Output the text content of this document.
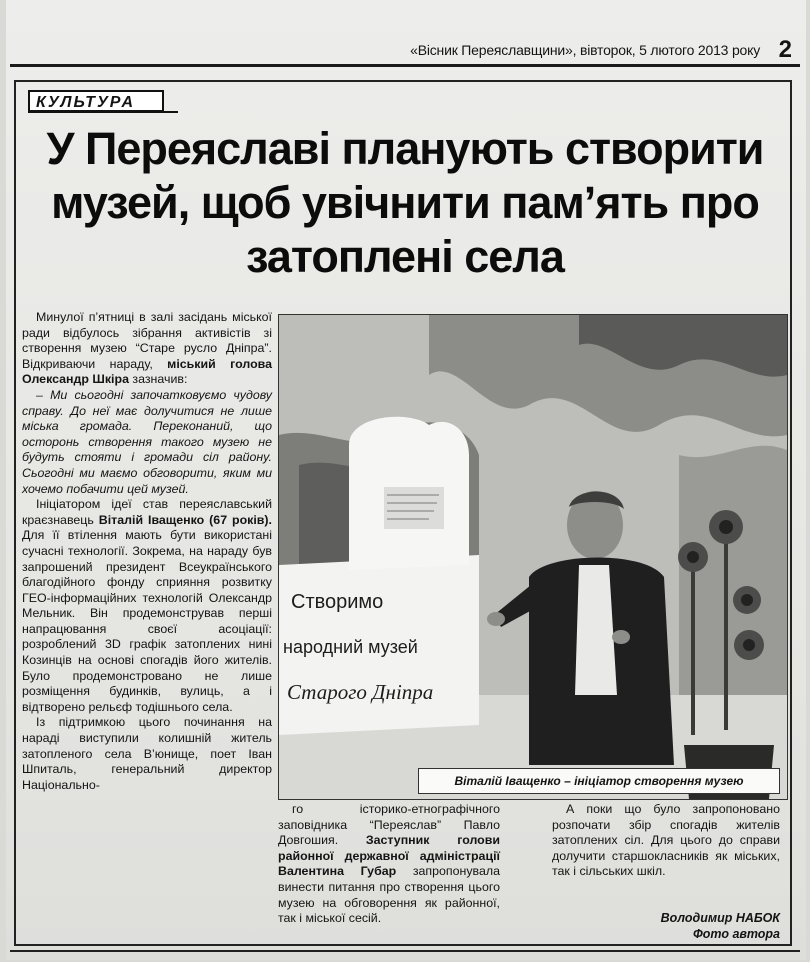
«Вісник Переяславщини», вівторок, 5 лютого 2013 року 2
КУЛЬТУРА
У Переяславі планують створити музей, щоб увічнити пам’ять про затоплені села

Минулої п’ятниці в залі засідань міської ради відбулось зібрання активістів зі створення музею “Старе русло Дніпра”. Відкриваючи нараду, міський голова Олександр Шкіра зазначив:

– Ми сьогодні започатковуємо чудову справу. До неї має долучитися не лише міська громада. Переконаний, що осторонь створення такого музею не будуть стояти і громади сіл району. Сьогодні ми маємо обговорити, яким ми хочемо побачити цей музей.

Ініціатором ідеї став переяславський краєзнавець Віталій Іващенко (67 років). Для її втілення мають бути використані сучасні технології. Зокрема, на нараду був запрошений президент Всеукраїнського благодійного фонду сприяння розвитку ГЕО-інформаційних технологій Олександр Мельник. Він продемонстрував перші напрацювання своєї асоціації: розроблений 3D графік затоплених нині Козинців на основі спогадів його жителів. Було продемонстровано не лише розміщення будинків, вулиць, а і відтворено рельєф тодішнього села.

Із підтримкою цього починання на нараді виступили колишній житель затопленого села В’юнище, поет Іван Шпиталь, генеральний директор Національно-

Створимо
народний музей
Старого Дніпра
Віталій Іващенко – ініціатор створення музею

го історико-етнографічного заповідника “Переяслав” Павло Довгошия. Заступник голови районної державної адміністрації Валентина Губар запропонувала винести питання про створення цього музею на обговорення як районної, так і міської сесій.

А поки що було запропоновано розпочати збір спогадів жителів затоплених сіл. Для цього до справи долучити старшокласників як міських, так і сільських шкіл.

Володимир НАБОК
Фото автора
